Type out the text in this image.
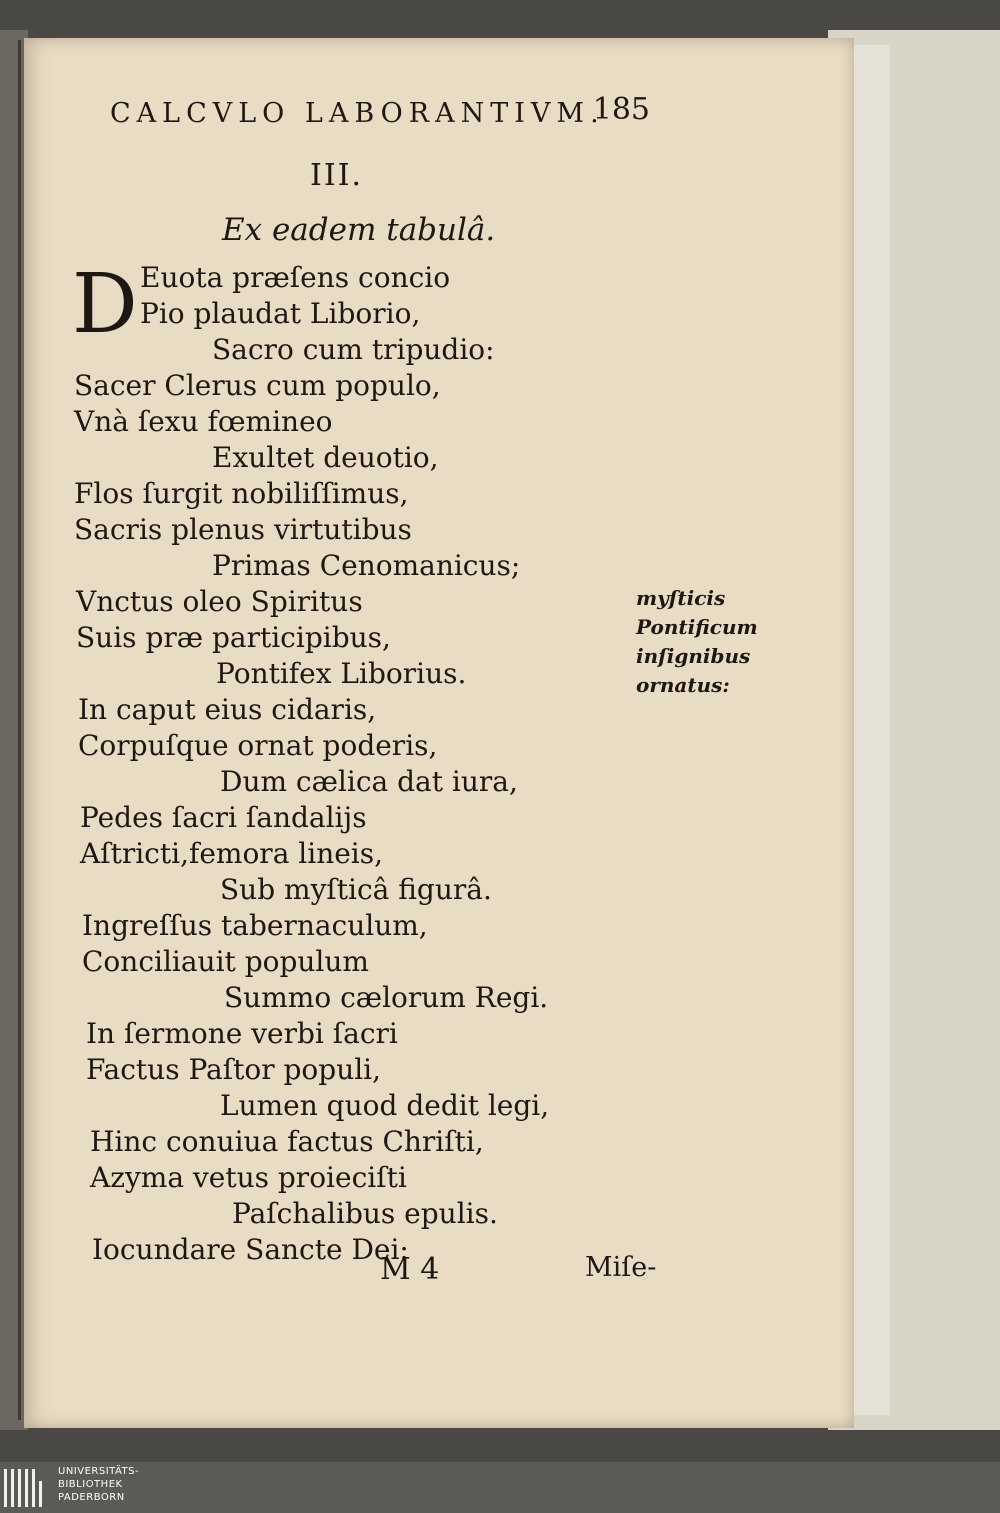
CALCVLO LABORANTIVM.
185
III.
Ex eadem tabulâ.
D Euota præſens concio
Pio plaudat Liborio,
Sacro cum tripudio:
Sacer Clerus cum populo,
Vnà ſexu fœmineo
Exultet deuotio,
Flos ſurgit nobiliſſimus,
Sacris plenus virtutibus
Primas Cenomanicus;
Vnctus oleo Spiritus
Suis præ participibus,
Pontifex Liborius.
In caput eius cidaris,
Corpuſque ornat poderis,
Dum cælica dat iura,
Pedes ſacri ſandalijs
Aſtricti,femora lineis,
Sub myſticâ figurâ.
Ingreſſus tabernaculum,
Conciliauit populum
Summo cælorum Regi.
In ſermone verbi ſacri
Factus Paſtor populi,
Lumen quod dedit legi,
Hinc conuiua factus Chriſti,
Azyma vetus proieciſti
Paſchalibus epulis.
Iocundare Sancte Dei:
myſticis
Pontificum
inſignibus
ornatus:
M 4	Miſe-
UNIVERSITÄTS-
BIBLIOTHEK
PADERBORN
